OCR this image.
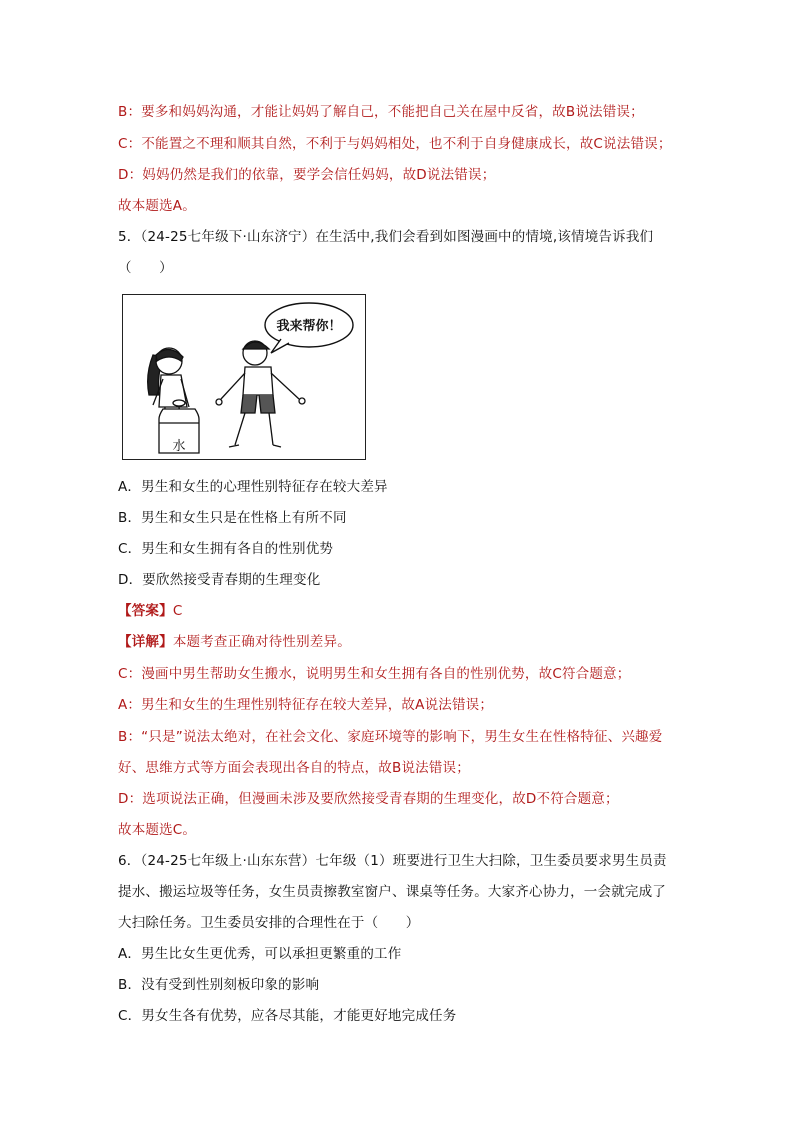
B：要多和妈妈沟通，才能让妈妈了解自己，不能把自己关在屋中反省，故B说法错误；
C：不能置之不理和顺其自然，不利于与妈妈相处，也不利于自身健康成长，故C说法错误；
D：妈妈仍然是我们的依靠，要学会信任妈妈，故D说法错误；
故本题选A。
5．（24-25七年级下·山东济宁）在生活中,我们会看到如图漫画中的情境,该情境告诉我们
（　　）
我来帮你！
水
A．男生和女生的心理性别特征存在较大差异
B．男生和女生只是在性格上有所不同
C．男生和女生拥有各自的性别优势
D．要欣然接受青春期的生理变化
【答案】C
【详解】本题考查正确对待性别差异。
C：漫画中男生帮助女生搬水，说明男生和女生拥有各自的性别优势，故C符合题意；
A：男生和女生的生理性别特征存在较大差异，故A说法错误；
B：“只是”说法太绝对，在社会文化、家庭环境等的影响下，男生女生在性格特征、兴趣爱
好、思维方式等方面会表现出各自的特点，故B说法错误；
D：选项说法正确，但漫画未涉及要欣然接受青春期的生理变化，故D不符合题意；
故本题选C。
6．（24-25七年级上·山东东营）七年级（1）班要进行卫生大扫除，卫生委员要求男生员责
提水、搬运垃圾等任务，女生员责擦教室窗户、课桌等任务。大家齐心协力，一会就完成了
大扫除任务。卫生委员安排的合理性在于（　　）
A．男生比女生更优秀，可以承担更繁重的工作
B．没有受到性别刻板印象的影响
C．男女生各有优势，应各尽其能，才能更好地完成任务
